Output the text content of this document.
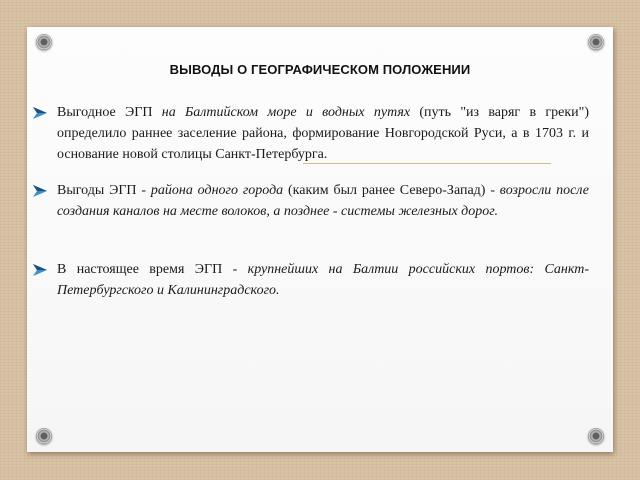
ВЫВОДЫ О ГЕОГРАФИЧЕСКОМ ПОЛОЖЕНИИ
Выгодное ЭГП на Балтийском море и водных путях (путь "из варяг в греки") определило раннее заселение района, формирование Новгородской Руси, а в 1703 г. и основание новой столицы Санкт-Петербурга.
Выгоды ЭГП - района одного города (каким был ранее Северо-Запад) - возросли после создания каналов на месте волоков, а позднее - системы железных дорог.
В настоящее время ЭГП - крупнейших на Балтии российских портов: Санкт-Петербургского и Калининградского.
